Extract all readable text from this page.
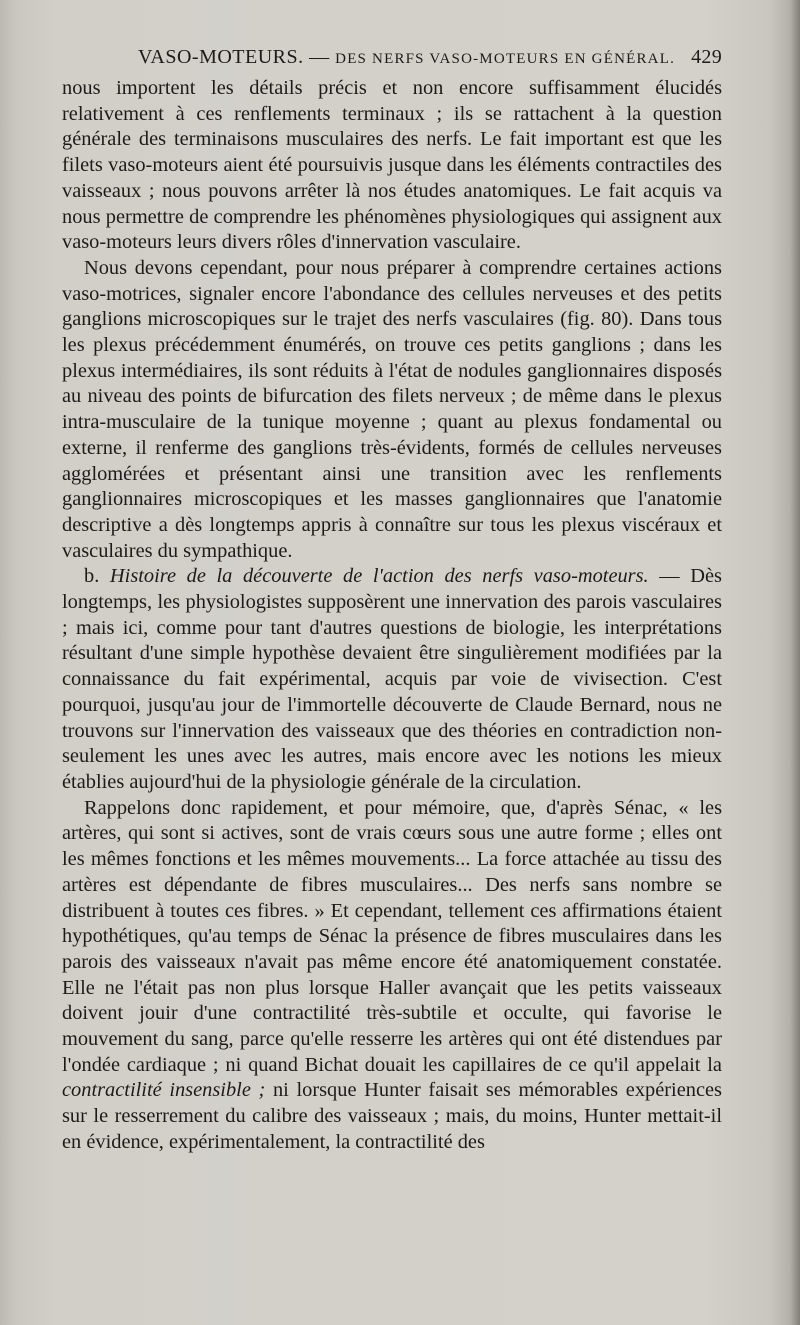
VASO-MOTEURS. — DES NERFS VASO-MOTEURS EN GÉNÉRAL. 429

nous importent les détails précis et non encore suffisamment élucidés relativement à ces renflements terminaux ; ils se rattachent à la question générale des terminaisons musculaires des nerfs. Le fait important est que les filets vaso-moteurs aient été poursuivis jusque dans les éléments contractiles des vaisseaux ; nous pouvons arrêter là nos études anatomiques. Le fait acquis va nous permettre de comprendre les phénomènes physiologiques qui assignent aux vaso-moteurs leurs divers rôles d'innervation vasculaire.

Nous devons cependant, pour nous préparer à comprendre certaines actions vaso-motrices, signaler encore l'abondance des cellules nerveuses et des petits ganglions microscopiques sur le trajet des nerfs vasculaires (fig. 80). Dans tous les plexus précédemment énumérés, on trouve ces petits ganglions ; dans les plexus intermédiaires, ils sont réduits à l'état de nodules ganglionnaires disposés au niveau des points de bifurcation des filets nerveux ; de même dans le plexus intra-musculaire de la tunique moyenne ; quant au plexus fondamental ou externe, il renferme des ganglions très-évidents, formés de cellules nerveuses agglomérées et présentant ainsi une transition avec les renflements ganglionnaires microscopiques et les masses ganglionnaires que l'anatomie descriptive a dès longtemps appris à connaître sur tous les plexus viscéraux et vasculaires du sympathique.

b. Histoire de la découverte de l'action des nerfs vaso-moteurs. — Dès longtemps, les physiologistes supposèrent une innervation des parois vasculaires ; mais ici, comme pour tant d'autres questions de biologie, les interprétations résultant d'une simple hypothèse devaient être singulièrement modifiées par la connaissance du fait expérimental, acquis par voie de vivisection. C'est pourquoi, jusqu'au jour de l'immortelle découverte de Claude Bernard, nous ne trouvons sur l'innervation des vaisseaux que des théories en contradiction non-seulement les unes avec les autres, mais encore avec les notions les mieux établies aujourd'hui de la physiologie générale de la circulation.

Rappelons donc rapidement, et pour mémoire, que, d'après Sénac, « les artères, qui sont si actives, sont de vrais cœurs sous une autre forme ; elles ont les mêmes fonctions et les mêmes mouvements... La force attachée au tissu des artères est dépendante de fibres musculaires... Des nerfs sans nombre se distribuent à toutes ces fibres. » Et cependant, tellement ces affirmations étaient hypothétiques, qu'au temps de Sénac la présence de fibres musculaires dans les parois des vaisseaux n'avait pas même encore été anatomiquement constatée. Elle ne l'était pas non plus lorsque Haller avançait que les petits vaisseaux doivent jouir d'une contractilité très-subtile et occulte, qui favorise le mouvement du sang, parce qu'elle resserre les artères qui ont été distendues par l'ondée cardiaque ; ni quand Bichat douait les capillaires de ce qu'il appelait la contractilité insensible ; ni lorsque Hunter faisait ses mémorables expériences sur le resserrement du calibre des vaisseaux ; mais, du moins, Hunter mettait-il en évidence, expérimentalement, la contractilité des
